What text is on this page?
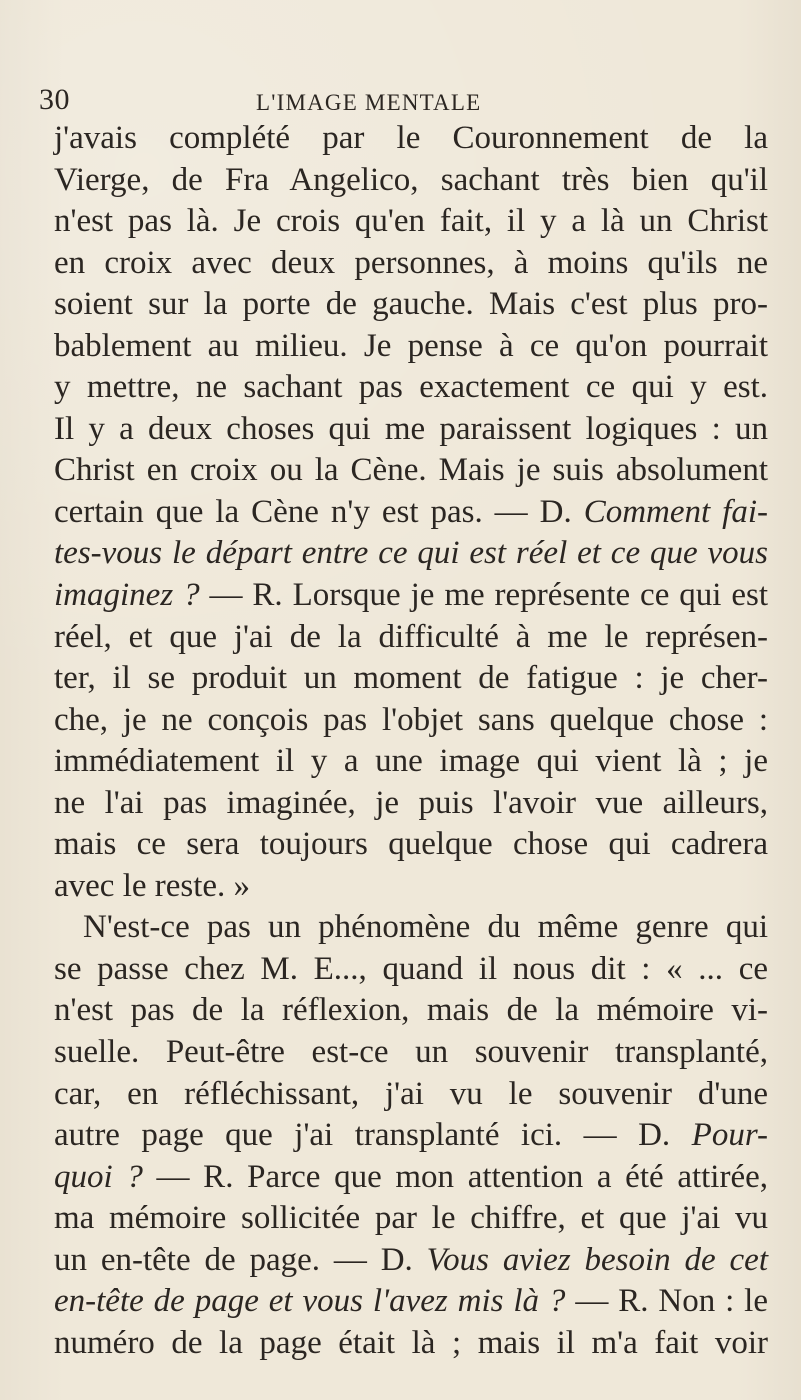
30	L'IMAGE MENTALE
j'avais complété par le Couronnement de la
Vierge, de Fra Angelico, sachant très bien qu'il
n'est pas là. Je crois qu'en fait, il y a là un Christ
en croix avec deux personnes, à moins qu'ils ne
soient sur la porte de gauche. Mais c'est plus pro-
bablement au milieu. Je pense à ce qu'on pourrait
y mettre, ne sachant pas exactement ce qui y est.
Il y a deux choses qui me paraissent logiques : un
Christ en croix ou la Cène. Mais je suis absolument
certain que la Cène n'y est pas. — D. Comment fai-
tes-vous le départ entre ce qui est réel et ce que vous
imaginez ? — R. Lorsque je me représente ce qui est
réel, et que j'ai de la difficulté à me le représen-
ter, il se produit un moment de fatigue : je cher-
che, je ne conçois pas l'objet sans quelque chose :
immédiatement il y a une image qui vient là ; je
ne l'ai pas imaginée, je puis l'avoir vue ailleurs,
mais ce sera toujours quelque chose qui cadrera
avec le reste. »
N'est-ce pas un phénomène du même genre qui
se passe chez M. E..., quand il nous dit : « ... ce
n'est pas de la réflexion, mais de la mémoire vi-
suelle. Peut-être est-ce un souvenir transplanté,
car, en réfléchissant, j'ai vu le souvenir d'une
autre page que j'ai transplanté ici. — D. Pour-
quoi ? — R. Parce que mon attention a été attirée,
ma mémoire sollicitée par le chiffre, et que j'ai vu
un en-tête de page. — D. Vous aviez besoin de cet
en-tête de page et vous l'avez mis là ? — R. Non : le
numéro de la page était là ; mais il m'a fait voir
